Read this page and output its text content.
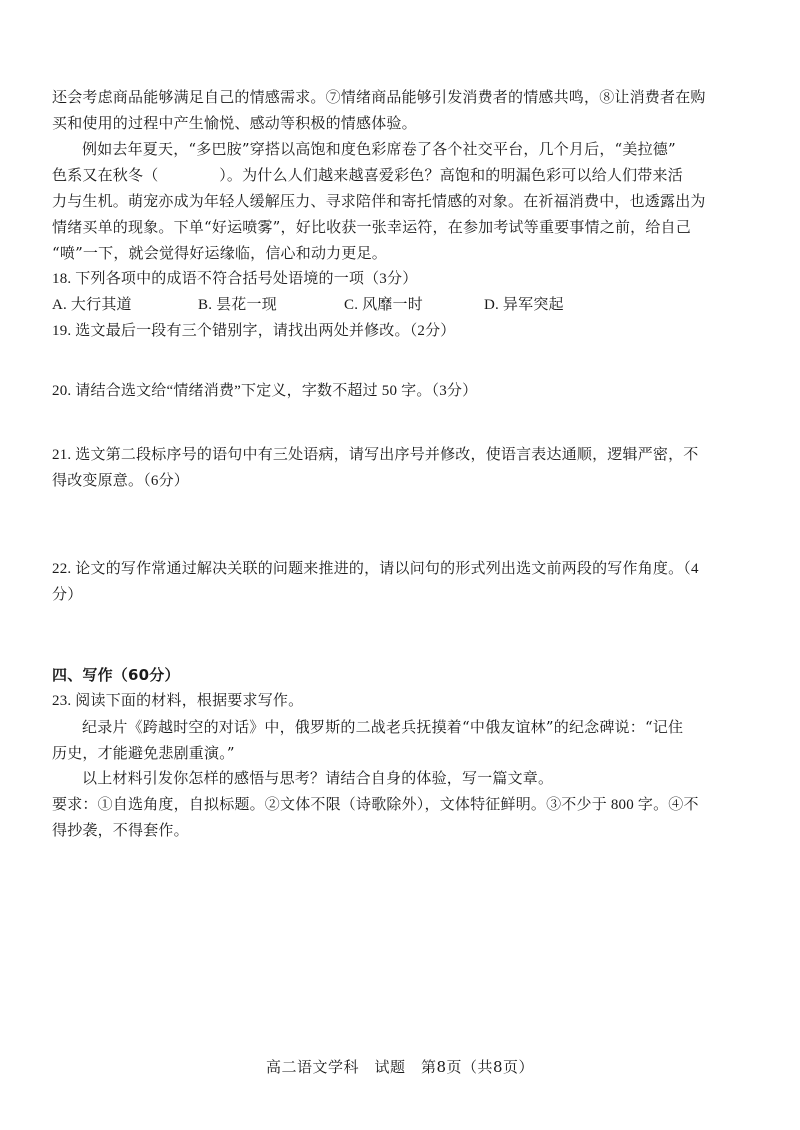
还会考虑商品能够满足自己的情感需求。⑦情绪商品能够引发消费者的情感共鸣，⑧让消费者在购
买和使用的过程中产生愉悦、感动等积极的情感体验。
例如去年夏天，“多巴胺”穿搭以高饱和度色彩席卷了各个社交平台，几个月后，“美拉德”
色系又在秋冬（　　　　）。为什么人们越来越喜爱彩色？高饱和的明漏色彩可以给人们带来活
力与生机。萌宠亦成为年轻人缓解压力、寻求陪伴和寄托情感的对象。在祈福消费中，也透露出为
情绪买单的现象。下单“好运喷雾”，好比收获一张幸运符，在参加考试等重要事情之前，给自己
“喷”一下，就会觉得好运缘临，信心和动力更足。
18. 下列各项中的成语不符合括号处语境的一项（3分）
A. 大行其道	B. 昙花一现	C. 风靡一时	D. 异军突起
19. 选文最后一段有三个错别字，请找出两处并修改。（2分）
20. 请结合选文给“情绪消费”下定义，字数不超过 50 字。（3分）
21. 选文第二段标序号的语句中有三处语病，请写出序号并修改，使语言表达通顺，逻辑严密，不
得改变原意。（6分）
22. 论文的写作常通过解决关联的问题来推进的，请以问句的形式列出选文前两段的写作角度。（4
分）
四、写作（60分）
23. 阅读下面的材料，根据要求写作。
纪录片《跨越时空的对话》中，俄罗斯的二战老兵抚摸着“中俄友谊林”的纪念碑说：“记住
历史，才能避免悲剧重演。”
以上材料引发你怎样的感悟与思考？请结合自身的体验，写一篇文章。
要求：①自选角度，自拟标题。②文体不限（诗歌除外），文体特征鲜明。③不少于 800 字。④不
得抄袭，不得套作。
高二语文学科　试题　第8页（共8页）
